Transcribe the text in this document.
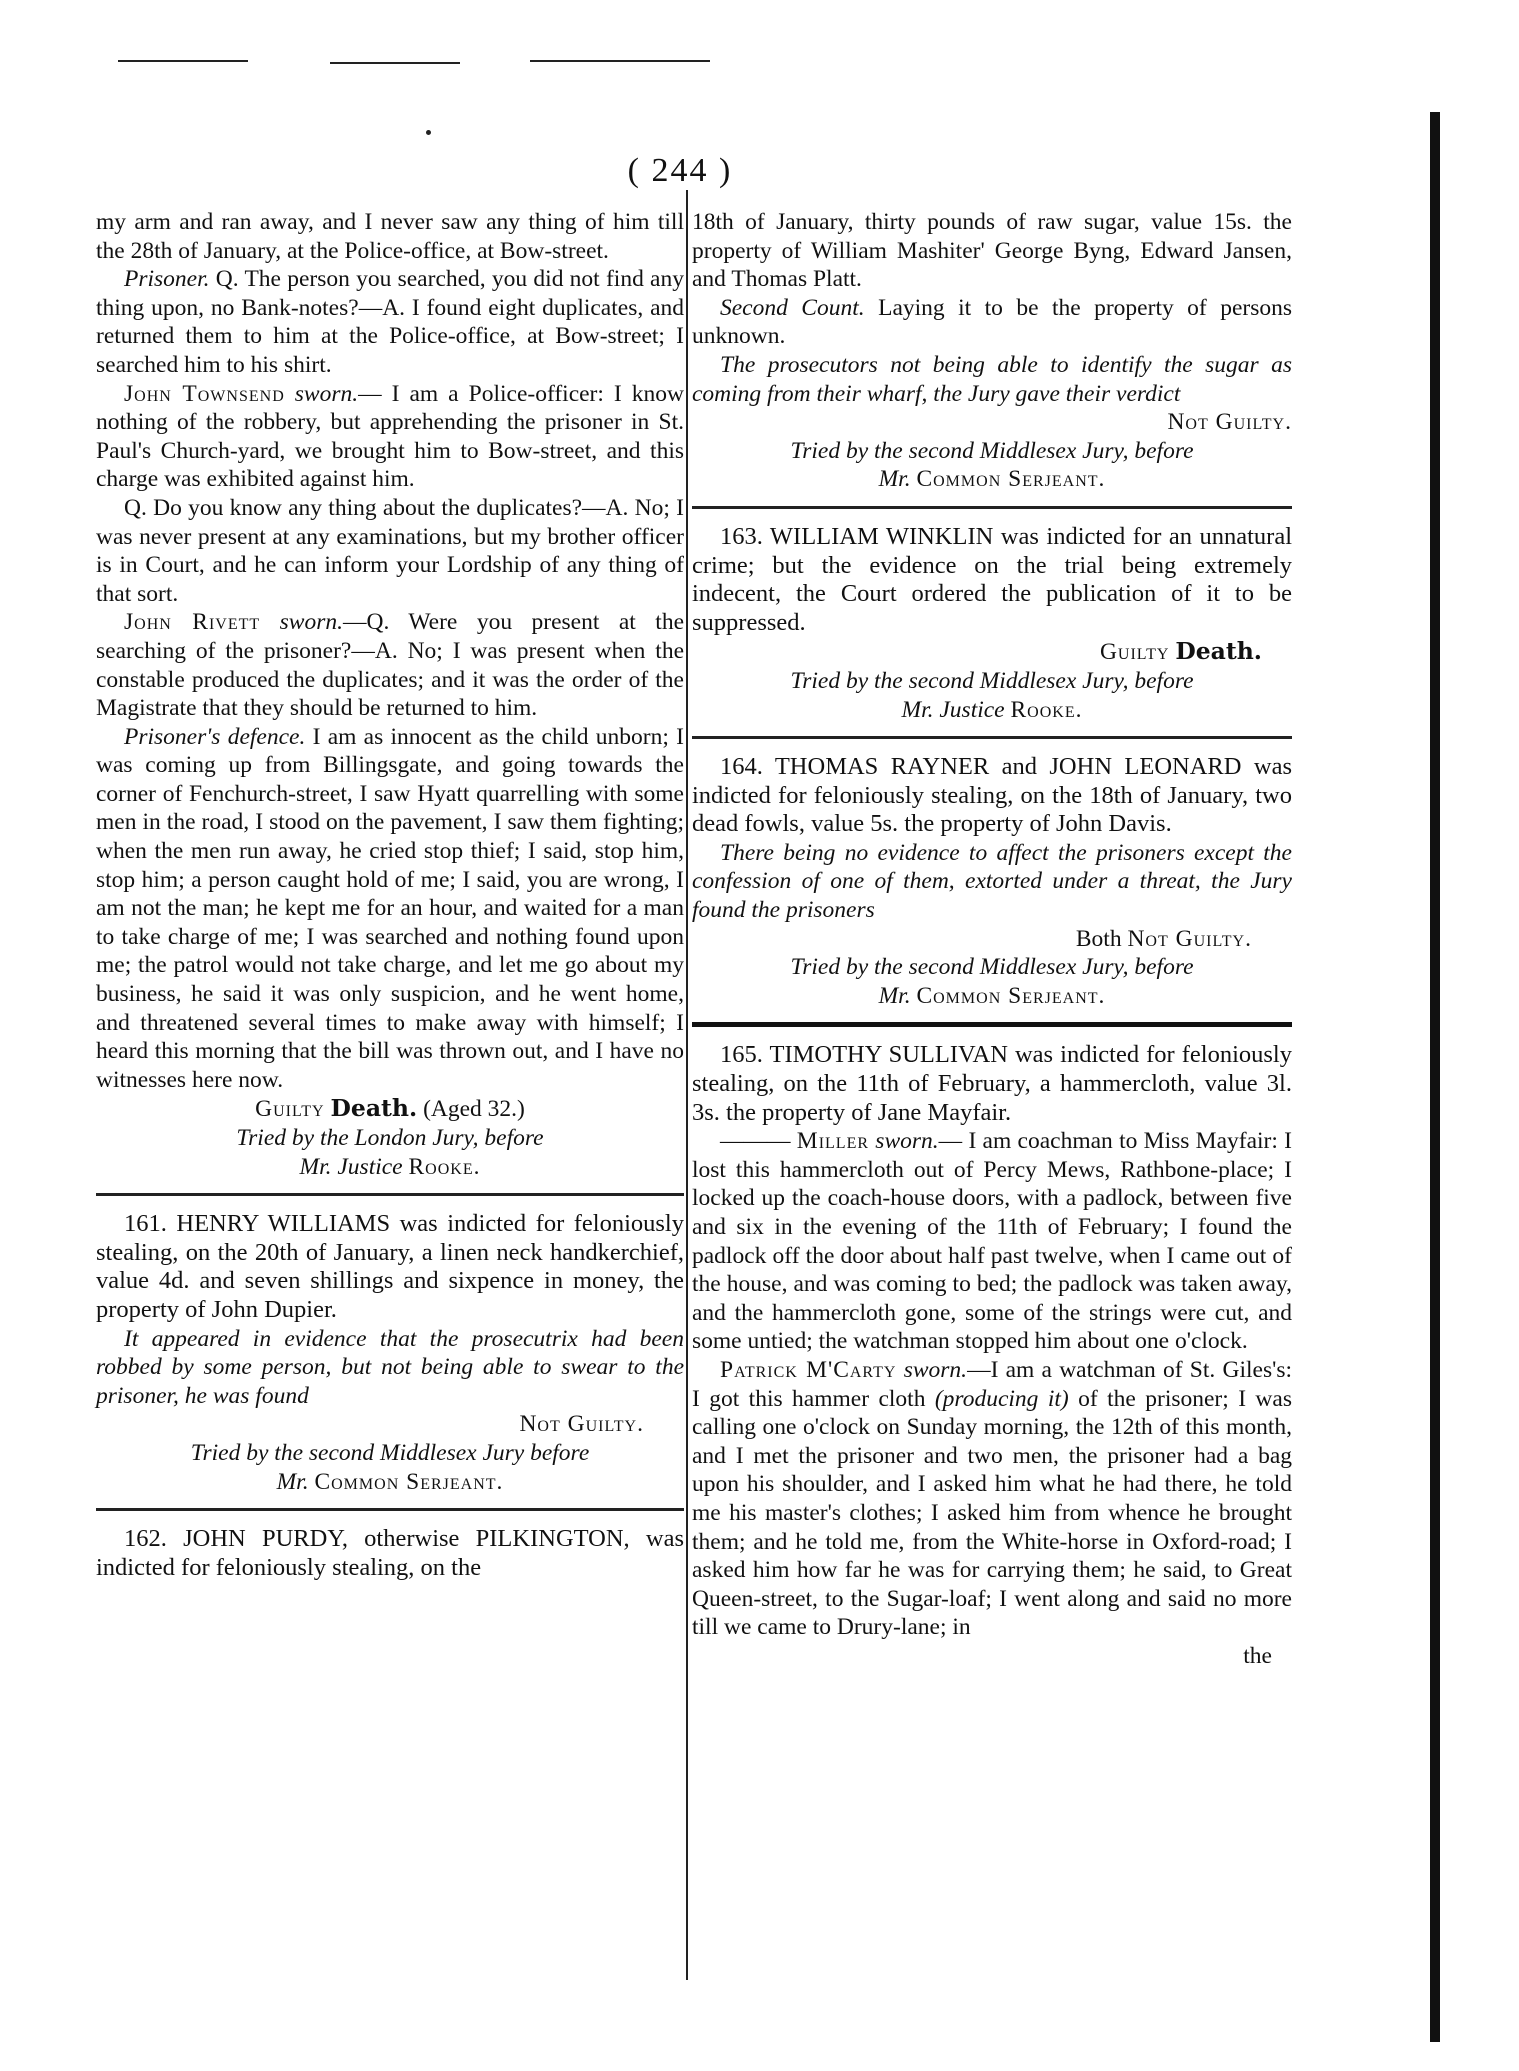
( 244 )

my arm and ran away, and I never saw any thing of him till the 28th of January, at the Police-office, at Bow-street.

Prisoner. Q. The person you searched, you did not find any thing upon, no Bank-notes?—A. I found eight duplicates, and returned them to him at the Police-office, at Bow-street; I searched him to his shirt.

John Townsend sworn.— I am a Police-officer: I know nothing of the robbery, but apprehending the prisoner in St. Paul's Church-yard, we brought him to Bow-street, and this charge was exhibited against him.

Q. Do you know any thing about the duplicates?—A. No; I was never present at any examinations, but my brother officer is in Court, and he can inform your Lordship of any thing of that sort.

John Rivett sworn.—Q. Were you present at the searching of the prisoner?—A. No; I was present when the constable produced the duplicates; and it was the order of the Magistrate that they should be returned to him.

Prisoner's defence. I am as innocent as the child unborn; I was coming up from Billingsgate, and going towards the corner of Fenchurch-street, I saw Hyatt quarrelling with some men in the road, I stood on the pavement, I saw them fighting; when the men run away, he cried stop thief; I said, stop him, stop him; a person caught hold of me; I said, you are wrong, I am not the man; he kept me for an hour, and waited for a man to take charge of me; I was searched and nothing found upon me; the patrol would not take charge, and let me go about my business, he said it was only suspicion, and he went home, and threatened several times to make away with himself; I heard this morning that the bill was thrown out, and I have no witnesses here now.

Guilty Death. (Aged 32.)

Tried by the London Jury, before

Mr. Justice Rooke.

161. HENRY WILLIAMS was indicted for feloniously stealing, on the 20th of January, a linen neck handkerchief, value 4d. and seven shillings and sixpence in money, the property of John Dupier.

It appeared in evidence that the prosecutrix had been robbed by some person, but not being able to swear to the prisoner, he was found

Not Guilty.

Tried by the second Middlesex Jury before

Mr. Common Serjeant.

162. JOHN PURDY, otherwise PILKINGTON, was indicted for feloniously stealing, on the

18th of January, thirty pounds of raw sugar, value 15s. the property of William Mashiter' George Byng, Edward Jansen, and Thomas Platt.

Second Count. Laying it to be the property of persons unknown.

The prosecutors not being able to identify the sugar as coming from their wharf, the Jury gave their verdict

Not Guilty.

Tried by the second Middlesex Jury, before

Mr. Common Serjeant.

163. WILLIAM WINKLIN was indicted for an unnatural crime; but the evidence on the trial being extremely indecent, the Court ordered the publication of it to be suppressed.

Guilty Death.

Tried by the second Middlesex Jury, before

Mr. Justice Rooke.

164. THOMAS RAYNER and JOHN LEONARD was indicted for feloniously stealing, on the 18th of January, two dead fowls, value 5s. the property of John Davis.

There being no evidence to affect the prisoners except the confession of one of them, extorted under a threat, the Jury found the prisoners

Both Not Guilty.

Tried by the second Middlesex Jury, before

Mr. Common Serjeant.

165. TIMOTHY SULLIVAN was indicted for feloniously stealing, on the 11th of February, a hammercloth, value 3l. 3s. the property of Jane Mayfair.

——— Miller sworn.— I am coachman to Miss Mayfair: I lost this hammercloth out of Percy Mews, Rathbone-place; I locked up the coach-house doors, with a padlock, between five and six in the evening of the 11th of February; I found the padlock off the door about half past twelve, when I came out of the house, and was coming to bed; the padlock was taken away, and the hammercloth gone, some of the strings were cut, and some untied; the watchman stopped him about one o'clock.

Patrick M'Carty sworn.—I am a watchman of St. Giles's: I got this hammer cloth (producing it) of the prisoner; I was calling one o'clock on Sunday morning, the 12th of this month, and I met the prisoner and two men, the prisoner had a bag upon his shoulder, and I asked him what he had there, he told me his master's clothes; I asked him from whence he brought them; and he told me, from the White-horse in Oxford-road; I asked him how far he was for carrying them; he said, to Great Queen-street, to the Sugar-loaf; I went along and said no more till we came to Drury-lane; in

the
